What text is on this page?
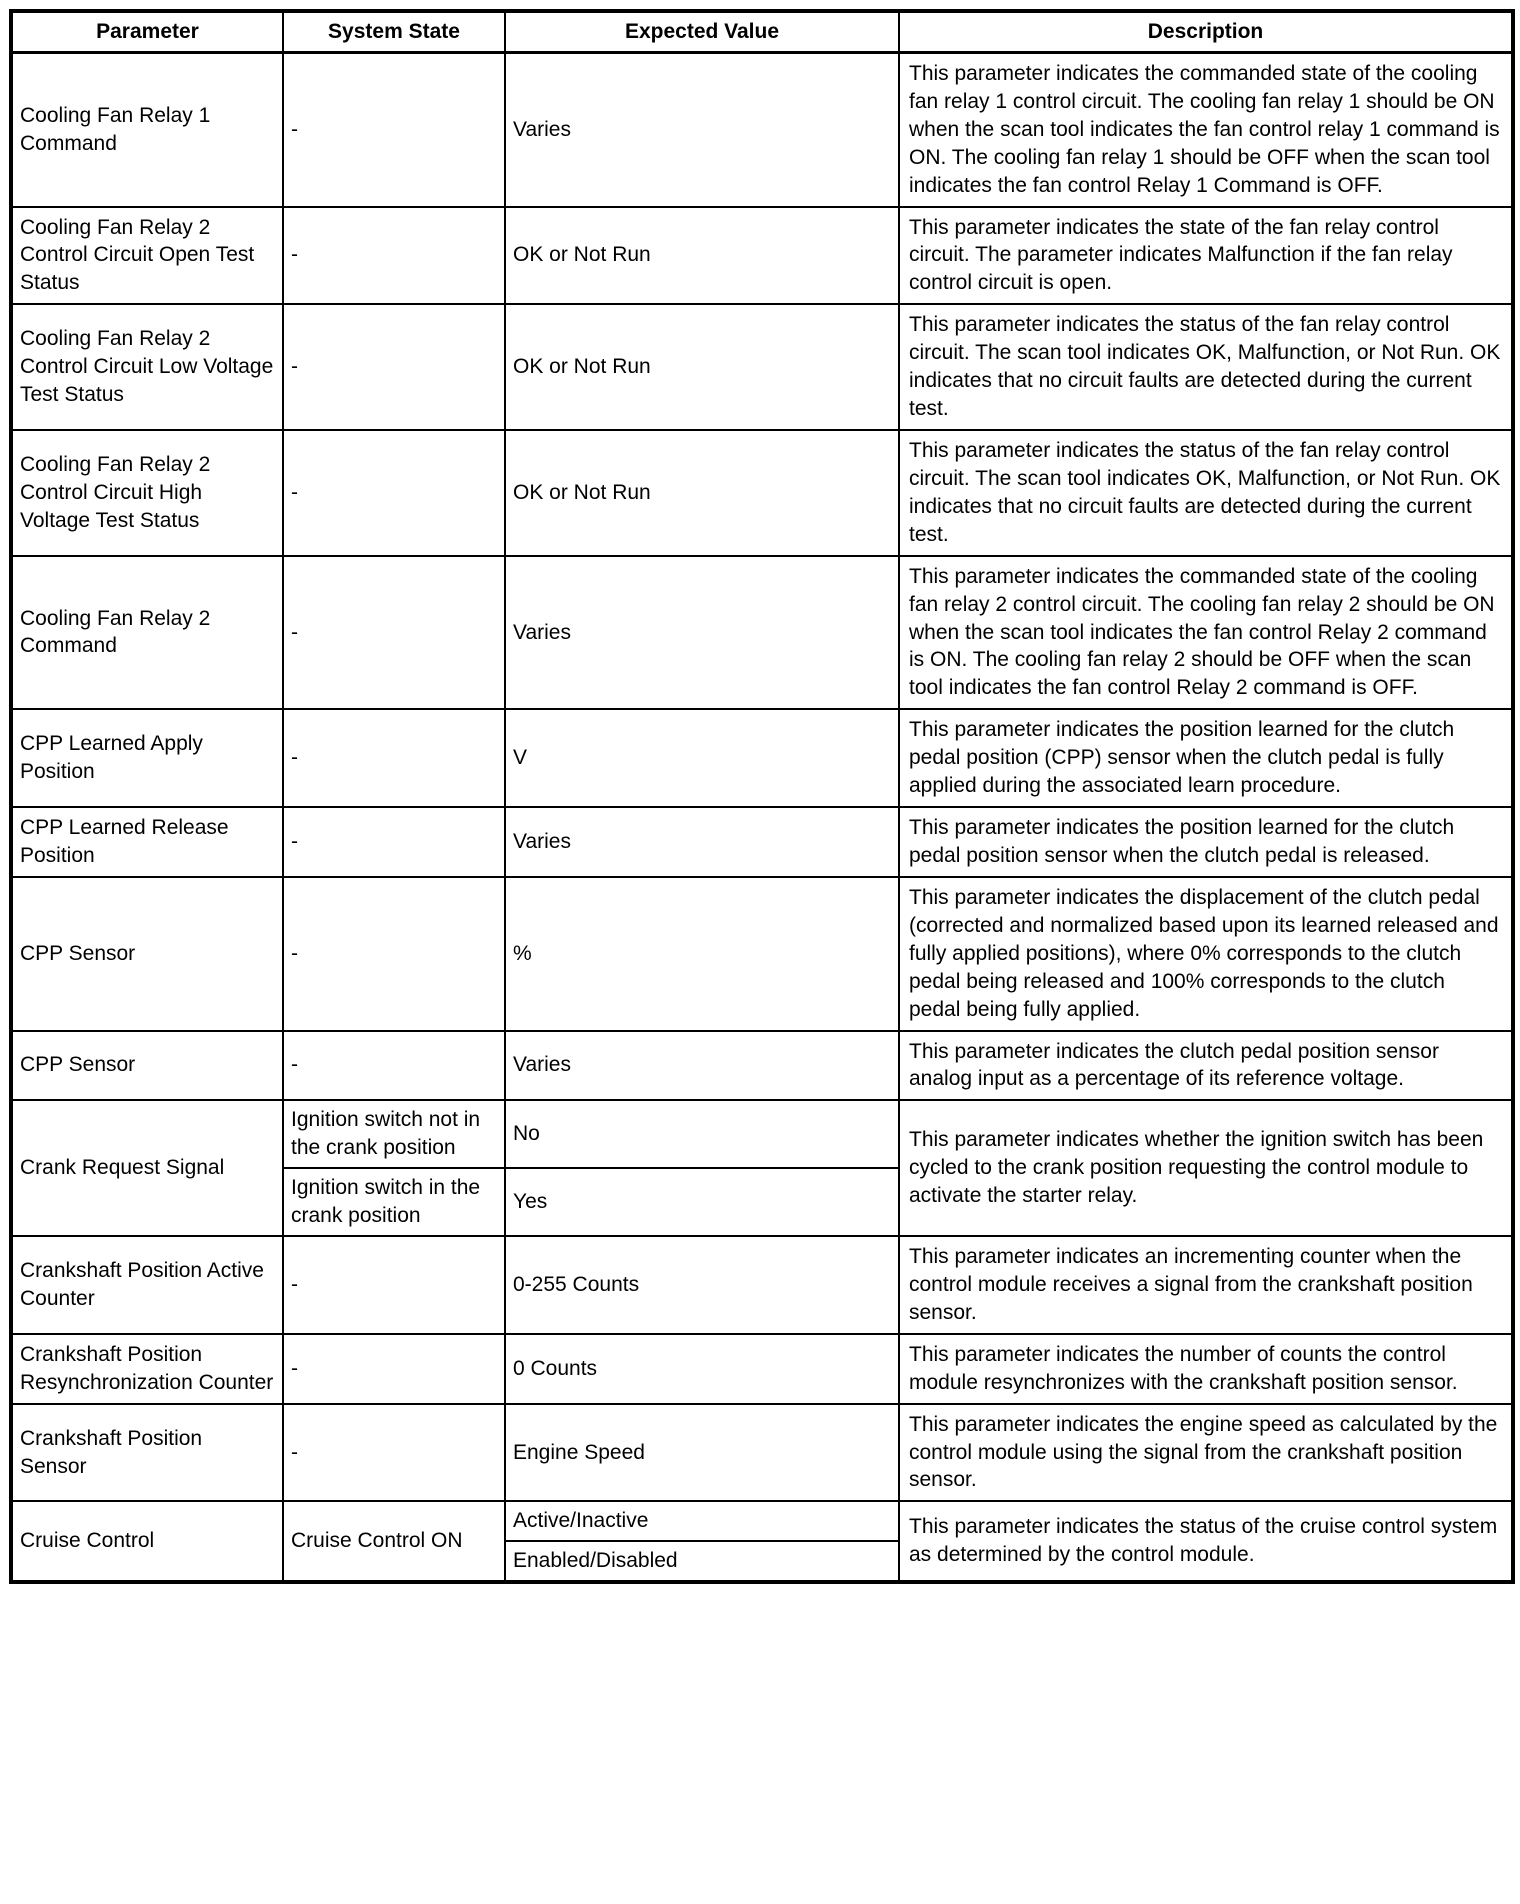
Parameter	System State	Expected Value	Description
Cooling Fan Relay 1 Command	-	Varies	This parameter indicates the commanded state of the cooling fan relay 1 control circuit. The cooling fan relay 1 should be ON when the scan tool indicates the fan control relay 1 command is ON. The cooling fan relay 1 should be OFF when the scan tool indicates the fan control Relay 1 Command is OFF.
Cooling Fan Relay 2 Control Circuit Open Test Status	-	OK or Not Run	This parameter indicates the state of the fan relay control circuit. The parameter indicates Malfunction if the fan relay control circuit is open.
Cooling Fan Relay 2 Control Circuit Low Voltage Test Status	-	OK or Not Run	This parameter indicates the status of the fan relay control circuit. The scan tool indicates OK, Malfunction, or Not Run. OK indicates that no circuit faults are detected during the current test.
Cooling Fan Relay 2 Control Circuit High Voltage Test Status	-	OK or Not Run	This parameter indicates the status of the fan relay control circuit. The scan tool indicates OK, Malfunction, or Not Run. OK indicates that no circuit faults are detected during the current test.
Cooling Fan Relay 2 Command	-	Varies	This parameter indicates the commanded state of the cooling fan relay 2 control circuit. The cooling fan relay 2 should be ON when the scan tool indicates the fan control Relay 2 command is ON. The cooling fan relay 2 should be OFF when the scan tool indicates the fan control Relay 2 command is OFF.
CPP Learned Apply Position	-	V	This parameter indicates the position learned for the clutch pedal position (CPP) sensor when the clutch pedal is fully applied during the associated learn procedure.
CPP Learned Release Position	-	Varies	This parameter indicates the position learned for the clutch pedal position sensor when the clutch pedal is released.
CPP Sensor	-	%	This parameter indicates the displacement of the clutch pedal (corrected and normalized based upon its learned released and fully applied positions), where 0% corresponds to the clutch pedal being released and 100% corresponds to the clutch pedal being fully applied.
CPP Sensor	-	Varies	This parameter indicates the clutch pedal position sensor analog input as a percentage of its reference voltage.
Crank Request Signal	Ignition switch not in the crank position	No	This parameter indicates whether the ignition switch has been cycled to the crank position requesting the control module to activate the starter relay.
	Ignition switch in the crank position	Yes	
Crankshaft Position Active Counter	-	0-255 Counts	This parameter indicates an incrementing counter when the control module receives a signal from the crankshaft position sensor.
Crankshaft Position Resynchronization Counter	-	0 Counts	This parameter indicates the number of counts the control module resynchronizes with the crankshaft position sensor.
Crankshaft Position Sensor	-	Engine Speed	This parameter indicates the engine speed as calculated by the control module using the signal from the crankshaft position sensor.
Cruise Control	Cruise Control ON	Active/Inactive	This parameter indicates the status of the cruise control system as determined by the control module.
		Enabled/Disabled	
